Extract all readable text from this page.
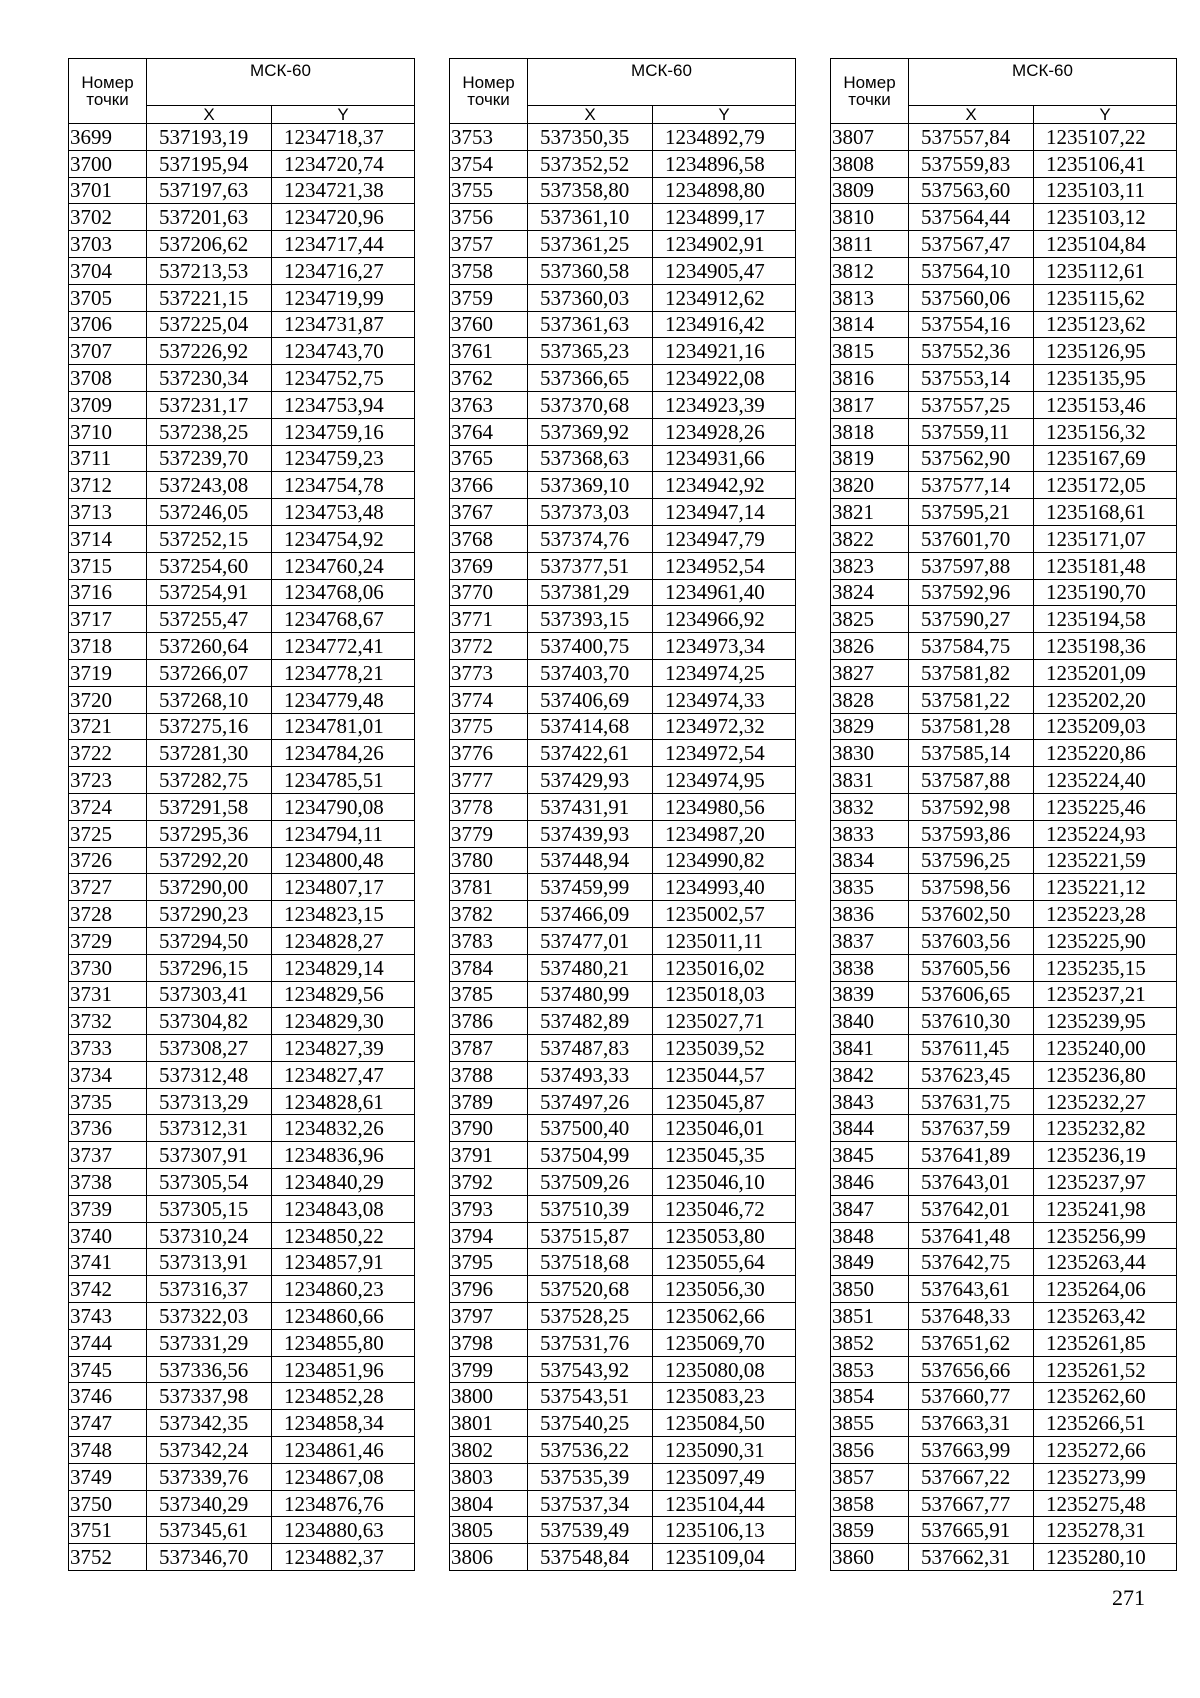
Номер точки	МСК-60	
	X	Y
3699	537193,19	1234718,37
3700	537195,94	1234720,74
3701	537197,63	1234721,38
3702	537201,63	1234720,96
3703	537206,62	1234717,44
3704	537213,53	1234716,27
3705	537221,15	1234719,99
3706	537225,04	1234731,87
3707	537226,92	1234743,70
3708	537230,34	1234752,75
3709	537231,17	1234753,94
3710	537238,25	1234759,16
3711	537239,70	1234759,23
3712	537243,08	1234754,78
3713	537246,05	1234753,48
3714	537252,15	1234754,92
3715	537254,60	1234760,24
3716	537254,91	1234768,06
3717	537255,47	1234768,67
3718	537260,64	1234772,41
3719	537266,07	1234778,21
3720	537268,10	1234779,48
3721	537275,16	1234781,01
3722	537281,30	1234784,26
3723	537282,75	1234785,51
3724	537291,58	1234790,08
3725	537295,36	1234794,11
3726	537292,20	1234800,48
3727	537290,00	1234807,17
3728	537290,23	1234823,15
3729	537294,50	1234828,27
3730	537296,15	1234829,14
3731	537303,41	1234829,56
3732	537304,82	1234829,30
3733	537308,27	1234827,39
3734	537312,48	1234827,47
3735	537313,29	1234828,61
3736	537312,31	1234832,26
3737	537307,91	1234836,96
3738	537305,54	1234840,29
3739	537305,15	1234843,08
3740	537310,24	1234850,22
3741	537313,91	1234857,91
3742	537316,37	1234860,23
3743	537322,03	1234860,66
3744	537331,29	1234855,80
3745	537336,56	1234851,96
3746	537337,98	1234852,28
3747	537342,35	1234858,34
3748	537342,24	1234861,46
3749	537339,76	1234867,08
3750	537340,29	1234876,76
3751	537345,61	1234880,63
3752	537346,70	1234882,37
Номер точки	МСК-60	
	X	Y
3753	537350,35	1234892,79
3754	537352,52	1234896,58
3755	537358,80	1234898,80
3756	537361,10	1234899,17
3757	537361,25	1234902,91
3758	537360,58	1234905,47
3759	537360,03	1234912,62
3760	537361,63	1234916,42
3761	537365,23	1234921,16
3762	537366,65	1234922,08
3763	537370,68	1234923,39
3764	537369,92	1234928,26
3765	537368,63	1234931,66
3766	537369,10	1234942,92
3767	537373,03	1234947,14
3768	537374,76	1234947,79
3769	537377,51	1234952,54
3770	537381,29	1234961,40
3771	537393,15	1234966,92
3772	537400,75	1234973,34
3773	537403,70	1234974,25
3774	537406,69	1234974,33
3775	537414,68	1234972,32
3776	537422,61	1234972,54
3777	537429,93	1234974,95
3778	537431,91	1234980,56
3779	537439,93	1234987,20
3780	537448,94	1234990,82
3781	537459,99	1234993,40
3782	537466,09	1235002,57
3783	537477,01	1235011,11
3784	537480,21	1235016,02
3785	537480,99	1235018,03
3786	537482,89	1235027,71
3787	537487,83	1235039,52
3788	537493,33	1235044,57
3789	537497,26	1235045,87
3790	537500,40	1235046,01
3791	537504,99	1235045,35
3792	537509,26	1235046,10
3793	537510,39	1235046,72
3794	537515,87	1235053,80
3795	537518,68	1235055,64
3796	537520,68	1235056,30
3797	537528,25	1235062,66
3798	537531,76	1235069,70
3799	537543,92	1235080,08
3800	537543,51	1235083,23
3801	537540,25	1235084,50
3802	537536,22	1235090,31
3803	537535,39	1235097,49
3804	537537,34	1235104,44
3805	537539,49	1235106,13
3806	537548,84	1235109,04
Номер точки	МСК-60	
	X	Y
3807	537557,84	1235107,22
3808	537559,83	1235106,41
3809	537563,60	1235103,11
3810	537564,44	1235103,12
3811	537567,47	1235104,84
3812	537564,10	1235112,61
3813	537560,06	1235115,62
3814	537554,16	1235123,62
3815	537552,36	1235126,95
3816	537553,14	1235135,95
3817	537557,25	1235153,46
3818	537559,11	1235156,32
3819	537562,90	1235167,69
3820	537577,14	1235172,05
3821	537595,21	1235168,61
3822	537601,70	1235171,07
3823	537597,88	1235181,48
3824	537592,96	1235190,70
3825	537590,27	1235194,58
3826	537584,75	1235198,36
3827	537581,82	1235201,09
3828	537581,22	1235202,20
3829	537581,28	1235209,03
3830	537585,14	1235220,86
3831	537587,88	1235224,40
3832	537592,98	1235225,46
3833	537593,86	1235224,93
3834	537596,25	1235221,59
3835	537598,56	1235221,12
3836	537602,50	1235223,28
3837	537603,56	1235225,90
3838	537605,56	1235235,15
3839	537606,65	1235237,21
3840	537610,30	1235239,95
3841	537611,45	1235240,00
3842	537623,45	1235236,80
3843	537631,75	1235232,27
3844	537637,59	1235232,82
3845	537641,89	1235236,19
3846	537643,01	1235237,97
3847	537642,01	1235241,98
3848	537641,48	1235256,99
3849	537642,75	1235263,44
3850	537643,61	1235264,06
3851	537648,33	1235263,42
3852	537651,62	1235261,85
3853	537656,66	1235261,52
3854	537660,77	1235262,60
3855	537663,31	1235266,51
3856	537663,99	1235272,66
3857	537667,22	1235273,99
3858	537667,77	1235275,48
3859	537665,91	1235278,31
3860	537662,31	1235280,10
271
